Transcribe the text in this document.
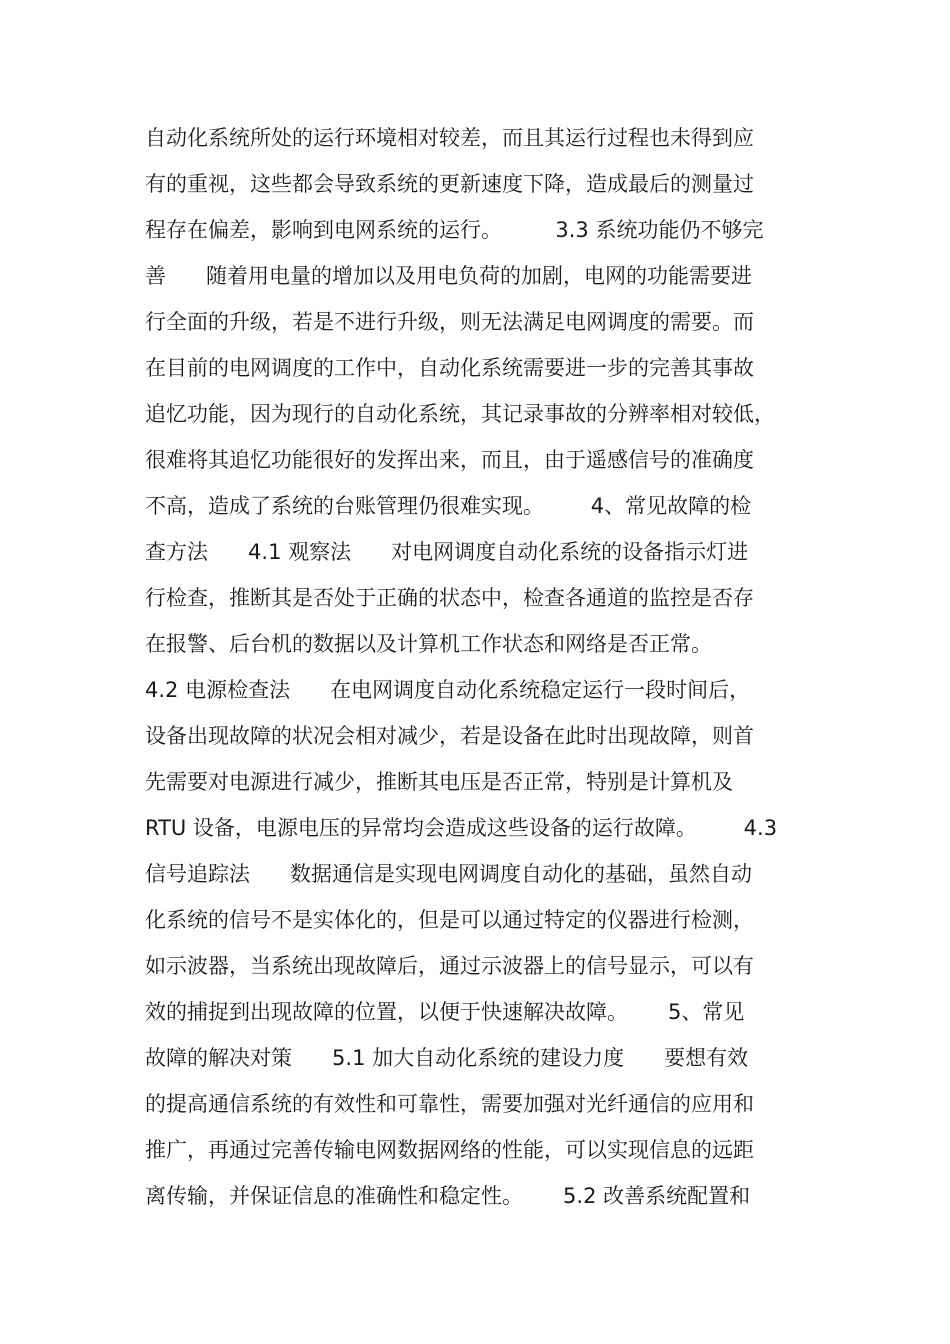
自动化系统所处的运行环境相对较差，而且其运行过程也未得到应
有的重视，这些都会导致系统的更新速度下降，造成最后的测量过
程存在偏差，影响到电网系统的运行。        3.3 系统功能仍不够完
善      随着用电量的增加以及用电负荷的加剧，电网的功能需要进
行全面的升级，若是不进行升级，则无法满足电网调度的需要。而
在目前的电网调度的工作中，自动化系统需要进一步的完善其事故
追忆功能，因为现行的自动化系统，其记录事故的分辨率相对较低，
很难将其追忆功能很好的发挥出来，而且，由于遥感信号的准确度
不高，造成了系统的台账管理仍很难实现。       4、常见故障的检
查方法      4.1 观察法      对电网调度自动化系统的设备指示灯进
行检查，推断其是否处于正确的状态中，检查各通道的监控是否存
在报警、后台机的数据以及计算机工作状态和网络是否正常。
4.2 电源检查法      在电网调度自动化系统稳定运行一段时间后，
设备出现故障的状况会相对减少，若是设备在此时出现故障，则首
先需要对电源进行减少，推断其电压是否正常，特别是计算机及
RTU 设备，电源电压的异常均会造成这些设备的运行故障。       4.3
信号追踪法      数据通信是实现电网调度自动化的基础，虽然自动
化系统的信号不是实体化的，但是可以通过特定的仪器进行检测，
如示波器，当系统出现故障后，通过示波器上的信号显示，可以有
效的捕捉到出现故障的位置，以便于快速解决故障。      5、常见
故障的解决对策      5.1 加大自动化系统的建设力度      要想有效
的提高通信系统的有效性和可靠性，需要加强对光纤通信的应用和
推广，再通过完善传输电网数据网络的性能，可以实现信息的远距
离传输，并保证信息的准确性和稳定性。      5.2 改善系统配置和
